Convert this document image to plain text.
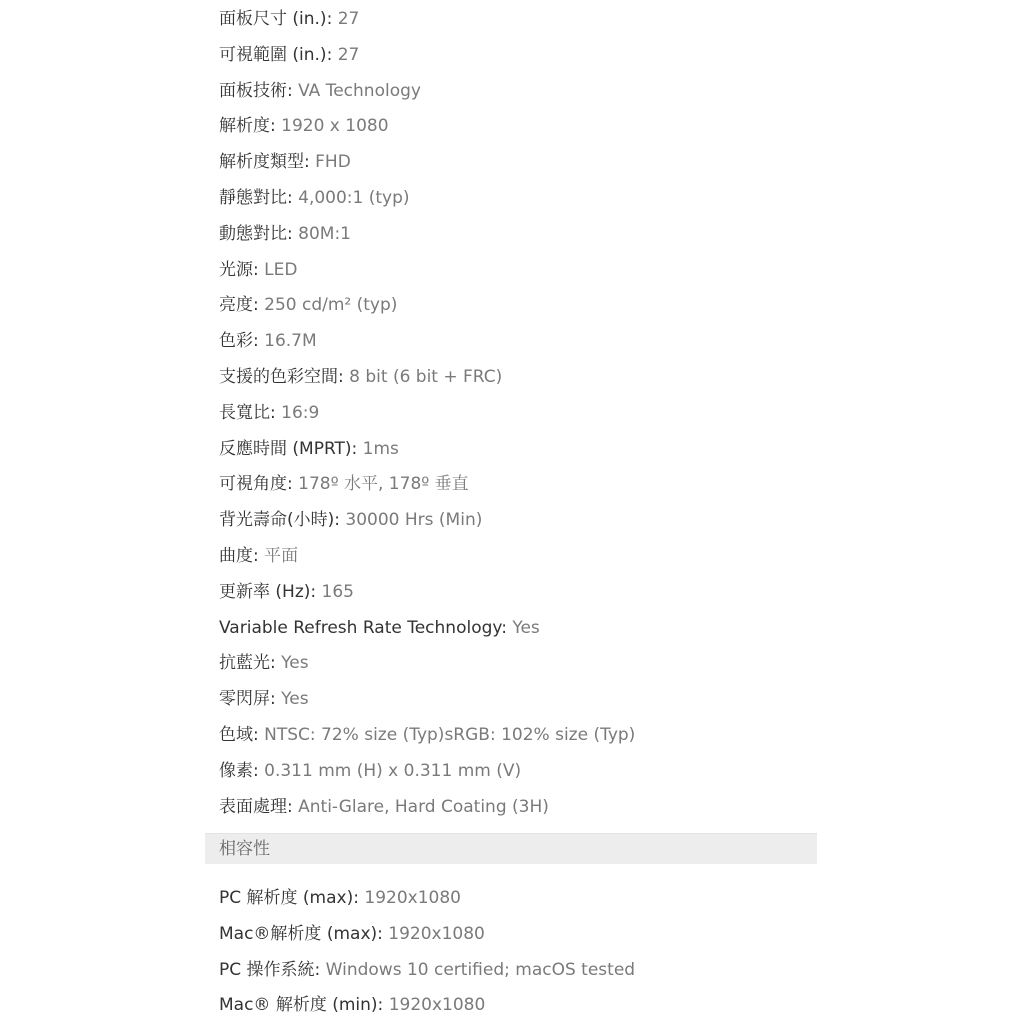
面板尺寸 (in.): 27
可視範圍 (in.): 27
面板技術: VA Technology
解析度: 1920 x 1080
解析度類型: FHD
靜態對比: 4,000:1 (typ)
動態對比: 80M:1
光源: LED
亮度: 250 cd/m² (typ)
色彩: 16.7M
支援的色彩空間: 8 bit (6 bit + FRC)
長寬比: 16:9
反應時間 (MPRT): 1ms
可視角度: 178º 水平, 178º 垂直
背光壽命(小時): 30000 Hrs (Min)
曲度: 平面
更新率 (Hz): 165
Variable Refresh Rate Technology: Yes
抗藍光: Yes
零閃屏: Yes
色域: NTSC: 72% size (Typ)sRGB: 102% size (Typ)
像素: 0.311 mm (H) x 0.311 mm (V)
表面處理: Anti-Glare, Hard Coating (3H)
相容性
PC 解析度 (max): 1920x1080
Mac®解析度 (max): 1920x1080
PC 操作系統: Windows 10 certified; macOS tested
Mac® 解析度 (min): 1920x1080
